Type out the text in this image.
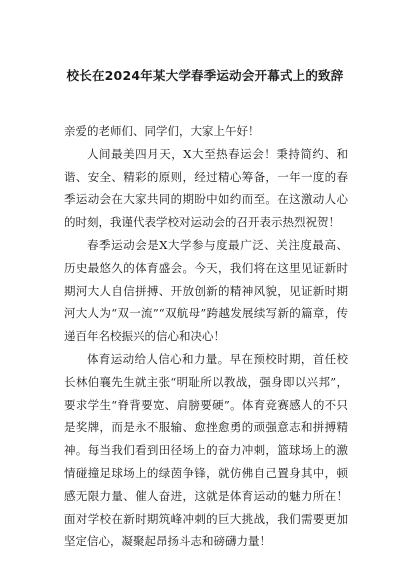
校长在2024年某大学春季运动会开幕式上的致辞

亲爱的老师们、同学们，大家上午好！

人间最美四月天，X大至热春运会！秉持简约、和谐、安全、精彩的原则，经过精心筹备，一年一度的春季运动会在大家共同的期盼中如约而至。在这激动人心的时刻，我谨代表学校对运动会的召开表示热烈祝贺！

春季运动会是X大学参与度最广泛、关注度最高、历史最悠久的体育盛会。今天，我们将在这里见证新时期河大人自信拼搏、开放创新的精神风貌，见证新时期河大人为“双一流”“双航母”跨越发展续写新的篇章，传递百年名校振兴的信心和决心！

体育运动给人信心和力量。早在预校时期，首任校长林伯襄先生就主张“明耻所以教战，强身即以兴邦”，要求学生“脊背要宽、肩膀要硬”。体育竞赛感人的不只是奖牌，而是永不服输、愈挫愈勇的顽强意志和拼搏精神。每当我们看到田径场上的奋力冲刺，篮球场上的激情碰撞足球场上的绿茵争锋，就仿佛自己置身其中，顿感无限力量、催人奋进，这就是体育运动的魅力所在！面对学校在新时期筑峰冲刺的巨大挑战，我们需要更加坚定信心，凝聚起昂扬斗志和磅礴力量！
